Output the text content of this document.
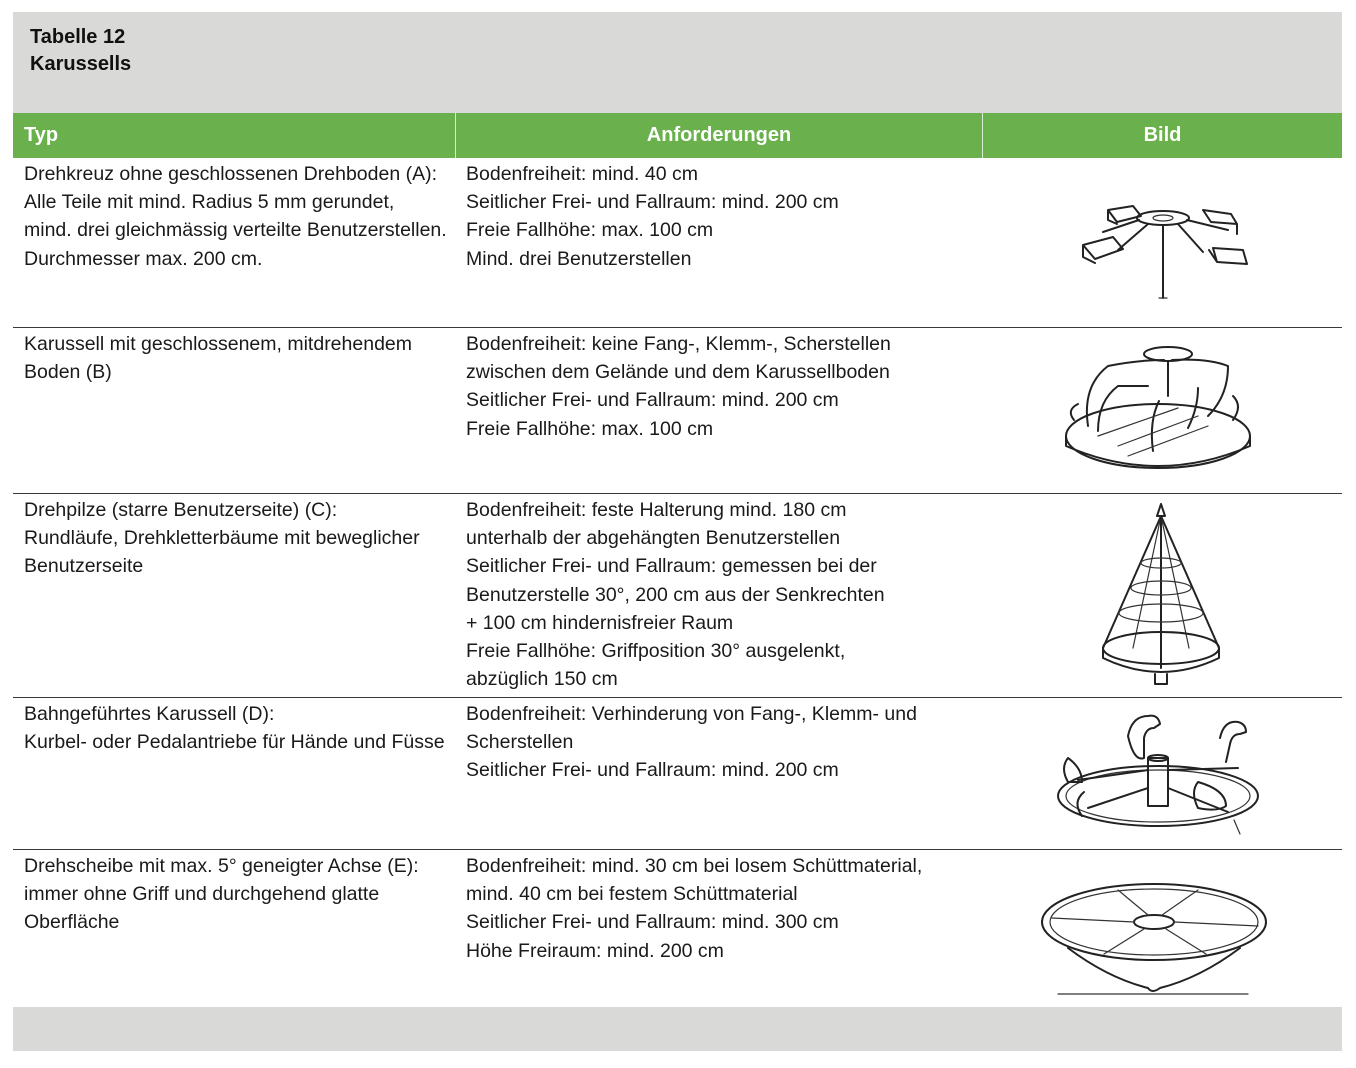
Tabelle 12
Karussells
Typ	Anforderungen	Bild
Drehkreuz ohne geschlossenen Drehboden (A):
Alle Teile mit mind. Radius 5 mm gerundet,
mind. drei gleichmässig verteilte Benutzerstellen.
Durchmesser max. 200 cm.
Bodenfreiheit: mind. 40 cm
Seitlicher Frei- und Fallraum: mind. 200 cm
Freie Fallhöhe: max. 100 cm
Mind. drei Benutzerstellen
Karussell mit geschlossenem, mitdrehendem
Boden (B)
Bodenfreiheit: keine Fang-, Klemm-, Scherstellen
zwischen dem Gelände und dem Karussellboden
Seitlicher Frei- und Fallraum: mind. 200 cm
Freie Fallhöhe: max. 100 cm
Drehpilze (starre Benutzerseite) (C):
Rundläufe, Drehkletterbäume mit beweglicher
Benutzerseite
Bodenfreiheit: feste Halterung mind. 180 cm
unterhalb der abgehängten Benutzerstellen
Seitlicher Frei- und Fallraum: gemessen bei der
Benutzerstelle 30°, 200 cm aus der Senkrechten
+ 100 cm hindernisfreier Raum
Freie Fallhöhe: Griffposition 30° ausgelenkt,
abzüglich 150 cm
Bahngeführtes Karussell (D):
Kurbel- oder Pedalantriebe für Hände und Füsse
Bodenfreiheit: Verhinderung von Fang-, Klemm- und
Scherstellen
Seitlicher Frei- und Fallraum: mind. 200 cm
Drehscheibe mit max. 5° geneigter Achse (E):
immer ohne Griff und durchgehend glatte
Oberfläche
Bodenfreiheit: mind. 30 cm bei losem Schüttmaterial,
mind. 40 cm bei festem Schüttmaterial
Seitlicher Frei- und Fallraum: mind. 300 cm
Höhe Freiraum: mind. 200 cm
